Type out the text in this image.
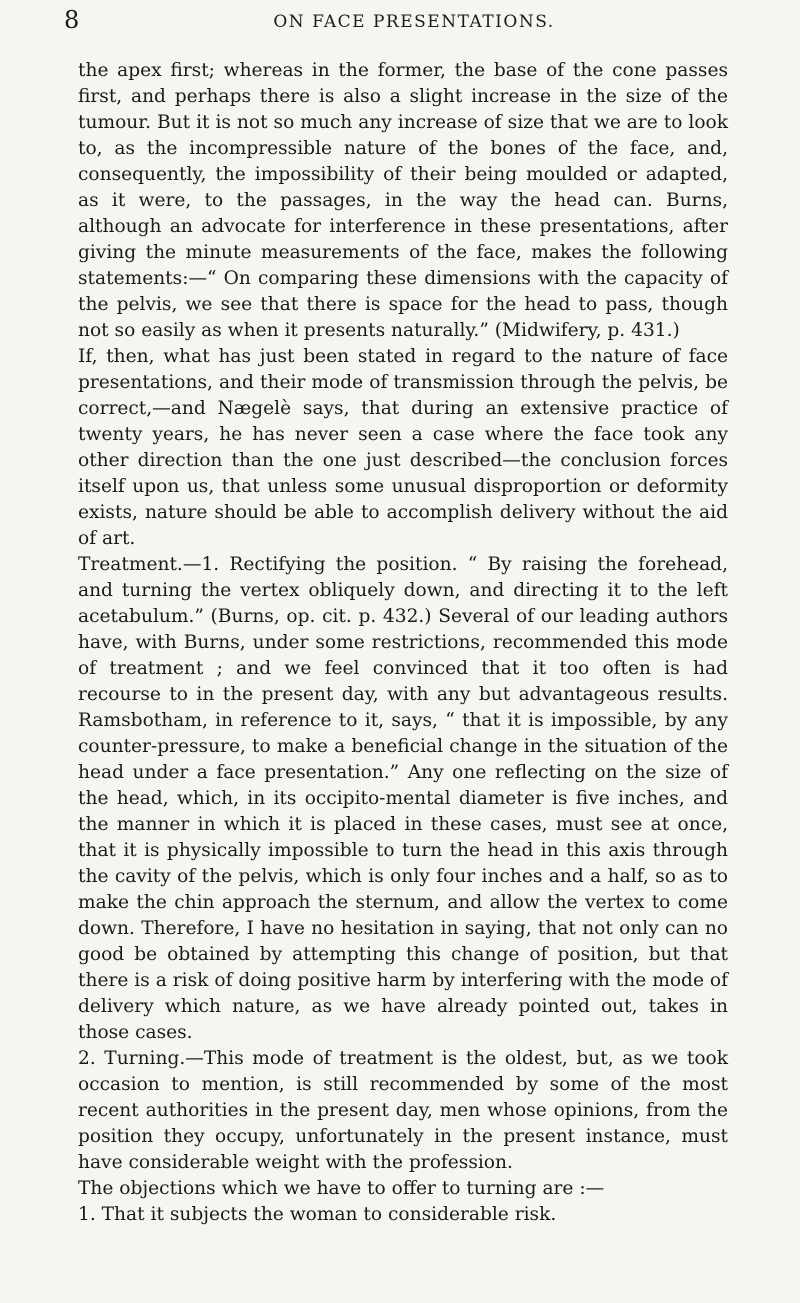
8	ON FACE PRESENTATIONS.

the apex first; whereas in the former, the base of the cone passes first, and perhaps there is also a slight increase in the size of the tumour. But it is not so much any increase of size that we are to look to, as the incompressible nature of the bones of the face, and, consequently, the impossibility of their being moulded or adapted, as it were, to the passages, in the way the head can. Burns, although an advocate for interference in these presentations, after giving the minute measurements of the face, makes the following statements:—“ On comparing these dimensions with the capacity of the pelvis, we see that there is space for the head to pass, though not so easily as when it presents naturally.” (Midwifery, p. 431.)

If, then, what has just been stated in regard to the nature of face presentations, and their mode of transmission through the pelvis, be correct,—and Nægelè says, that during an extensive practice of twenty years, he has never seen a case where the face took any other direction than the one just described—the conclusion forces itself upon us, that unless some unusual disproportion or deformity exists, nature should be able to accomplish delivery without the aid of art.

Treatment.—1. Rectifying the position. “ By raising the forehead, and turning the vertex obliquely down, and directing it to the left acetabulum.” (Burns, op. cit. p. 432.) Several of our leading authors have, with Burns, under some restrictions, recommended this mode of treatment ; and we feel convinced that it too often is had recourse to in the present day, with any but advantageous results. Ramsbotham, in reference to it, says, “ that it is impossible, by any counter-pressure, to make a beneficial change in the situation of the head under a face presentation.” Any one reflecting on the size of the head, which, in its occipito-mental diameter is five inches, and the manner in which it is placed in these cases, must see at once, that it is physically impossible to turn the head in this axis through the cavity of the pelvis, which is only four inches and a half, so as to make the chin approach the sternum, and allow the vertex to come down. Therefore, I have no hesitation in saying, that not only can no good be obtained by attempting this change of position, but that there is a risk of doing positive harm by interfering with the mode of delivery which nature, as we have already pointed out, takes in those cases.

2. Turning.—This mode of treatment is the oldest, but, as we took occasion to mention, is still recommended by some of the most recent authorities in the present day, men whose opinions, from the position they occupy, unfortunately in the present instance, must have considerable weight with the profession.

The objections which we have to offer to turning are :—

1. That it subjects the woman to considerable risk.
